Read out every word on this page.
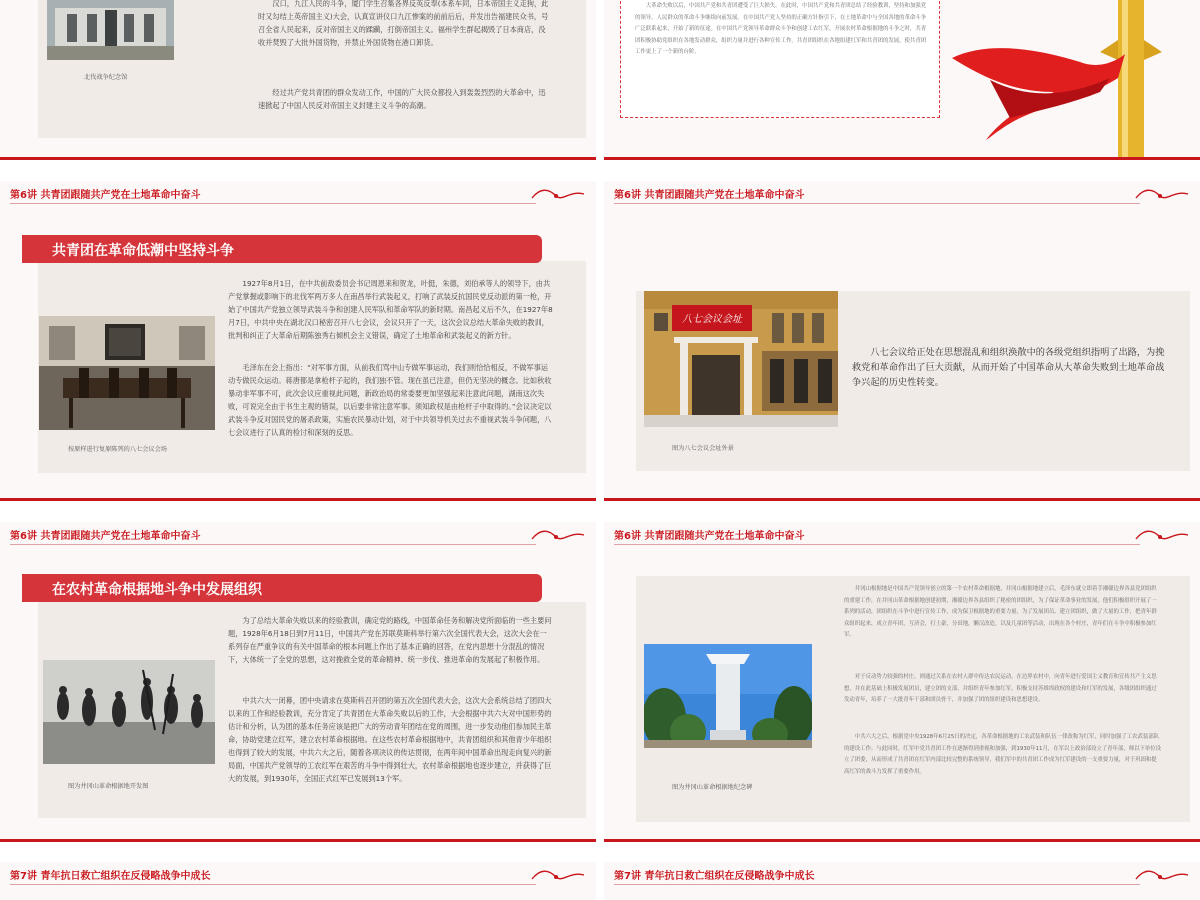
北伐战争纪念馆

汉口，九江人民的斗争，厦门学生召集各界反英反奉(本系车同，日本帝国主义走狗，此时又勾结上英帝国主义)大会，认真宣讲仪口九江惨案的前前后后，并发出告福建民众书，号召全省人民起来，反对帝国主义的蹂躏，打倒帝国主义。福州学生群起揭毁了日本商店，没收并焚毁了大批外国货物，并禁止外国货物在港口卸货。

经过共产党共青团的群众发动工作，中国的广大民众都投入到轰轰烈烈的大革命中，迅速掀起了中国人民反对帝国主义封建主义斗争的高潮。

大革命失败以后，中国共产党和共青团遭受了巨大损失。在此时，中国共产党和共青团总结了经验教训，坚持和加强党的领导，人民群众的革命斗争继续向前发展。在中国共产党人坚持的正确方针指引下，在土地革命中与全国各地的革命斗争广泛联系起来，开始了新的征途。在中国共产党领导革命群众斗争和创建工农红军，开展农村革命根据地的斗争之时，共青团积极协助党组织在各地发动群众，组织力量并进行各种宣传工作。共青团组织在各地组建红军和共青团的发展，使共青团工作更上了一个新的台阶。
第6讲 共青团跟随共产党在土地革命中奋斗
共青团在革命低潮中坚持斗争
按原样进行复原陈列的八七会议会场

1927年8月1日，在中共前敌委员会书记周恩来和贺龙，叶挺，朱德，刘伯承等人的领导下，由共产党掌握或影响下的北伐军两万多人在南昌举行武装起义，打响了武装反抗国民党反动派的第一枪，开始了中国共产党独立领导武装斗争和创建人民军队和革命军队的新时期。南昌起义后不久，在1927年8月7日，中共中央在湖北汉口秘密召开八七会议，会议只开了一天，这次会议总结大革命失败的教训，批判和纠正了大革命后期陈独秀右倾机会主义错误，确定了土地革命和武装起义的新方针。

毛泽东在会上指出：“对军事方面，从前我们骂中山专做军事运动，我们则恰恰相反，不做军事运动专做民众运动。蒋唐都是拿枪杆子起的，我们独不管。现在虽已注意，但仍无坚决的概念。比如秋收暴动非军事不可，此次会议应重视此问题，新政治局的常委要更加坚强起来注意此问题，湖南这次失败，可说完全由于书生主观的错误，以后要非常注意军事。须知政权是由枪杆子中取得的。”会议决定以武装斗争反对国民党的屠杀政策，实施农民暴动计划，对于中共领导机关过去不重视武装斗争问题，八七会议进行了认真的检讨和深刻的反思。

第6讲 共青团跟随共产党在土地革命中奋斗
八七会议会址
图为八七会议会址外景
八七会议给正处在思想混乱和组织涣散中的各级党组织指明了出路，为挽救党和革命作出了巨大贡献，从而开始了中国革命从大革命失败到土地革命战争兴起的历史性转变。
第6讲 共青团跟随共产党在土地革命中奋斗
在农村革命根据地斗争中发展组织
图为井冈山革命根据地开发图

为了总结大革命失败以来的经验教训，确定党的路线，中国革命任务和解决党所面临的一些主要问题，1928年6月18日到7月11日，中国共产党在苏联莫斯科举行第六次全国代表大会，这次大会在一系列存在严重争议的有关中国革命的根本问题上作出了基本正确的回答，在党内思想十分混乱的情况下，大体统一了全党的思想，这对挽救全党的革命精神、统一步伐、推进革命的发展起了积极作用。

中共六大一闭幕，团中央请求在莫斯科召开团的第五次全国代表大会，这次大会系统总结了团四大以来的工作和经验教训，充分肯定了共青团在大革命失败以后的工作，大会根据中共六大对中国形势的估计和分析，认为团的基本任务应该是把广大的劳动青年团结在党的周围，进一步发动他们参加民主革命，协助党建立红军，建立农村革命根据地。在这些农村革命根据地中，共青团组织和其他青少年组织也得到了较大的发展，中共六大之后，随着各项决议的传达贯彻，在两年间中国革命出现走向复兴的新局面，中国共产党领导的工农红军在艰苦的斗争中得到壮大，农村革命根据地也逐步建立，并获得了巨大的发展，到1930年，全国正式红军已发展到13个军。

第6讲 共青团跟随共产党在土地革命中奋斗
图为井冈山革命根据地纪念碑
井冈山根据地是中国共产党领导创立的第一个农村革命根据地，井冈山根据地建立后，毛泽东就立即着手湘赣边界各县党团组织的重建工作，在井冈山革命根据地创建初期，湘赣边界各县组织了秘密的团组织，为了保证革命事业的发展，他们积极组织开展了一系列的活动，团组织在斗争中进行宣传工作，成为保卫根据地的重要力量，为了发展团员、建立团组织，做了大量的工作，把青年群众组织起来，成立青年团，互济会，打土豪，分田地，懒汉改造，以及儿童团等活动，出现在各个村庄，青年们在斗争中积极参加红军。
对于反动势力较强的村庄，则通过关系在农村人群中传达农民运动，在边界农村中，向青年进行爱国主义教育和宣传共产主义思想，并在此基础上积极发展团员，建立团的支部，并组织青年参加红军，积极支持苏维埃政权的建设和红军的发展，各级团组织通过发动青年，培养了一大批青年干部和团员骨干，并加强了团的组织建设和思想建设。
中共六大之后，根据党中央1928年6月25日的决定，各革命根据地的工农武装和队伍一律改称为红军，同时加强了工农武装部队的建设工作。与此同时，红军中党共青团工作在逐渐得到重视和加强，到1930年11月，在军以上政治部设立了青年部，师以下单位设立了团委，从而形成了共青团在红军内部比较完整的系统领导，我们军中的共青团工作成为红军建设的一支重要力量，对于巩固和提高红军的战斗力发挥了重要作用。
第7讲 青年抗日救亡组织在反侵略战争中成长	第7讲 青年抗日救亡组织在反侵略战争中成长
